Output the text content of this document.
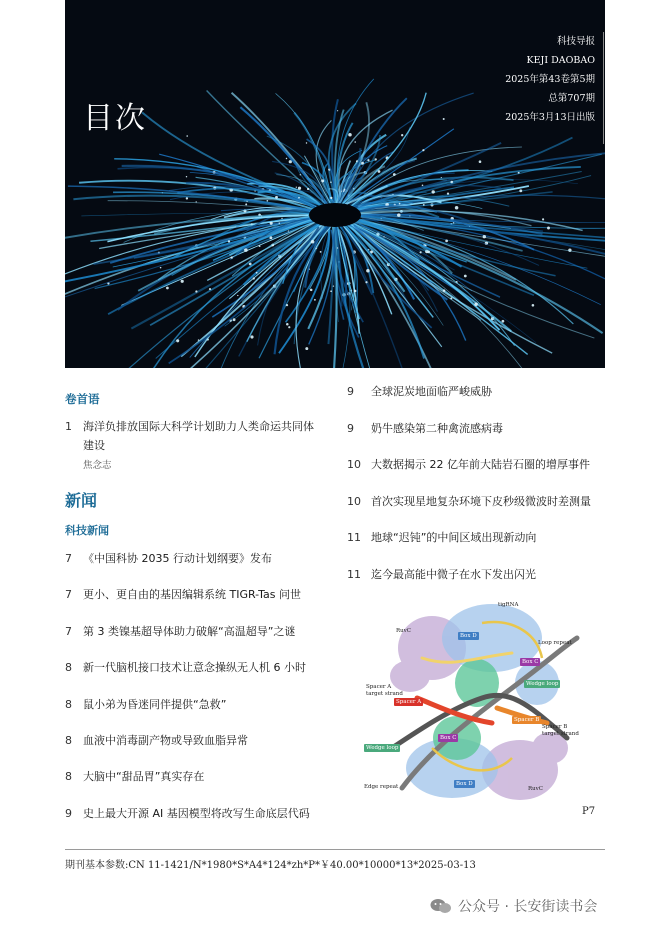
目次
科技导报
KEJI DAOBAO
2025年第43卷第5期
总第707期
2025年3月13日出版
卷首语
1 海洋负排放国际大科学计划助力人类命运共同体
建设
焦念志
新闻
科技新闻
7 《中国科协 2035 行动计划纲要》发布
7 更小、更自由的基因编辑系统 TIGR-Tas 问世
7 第 3 类镍基超导体助力破解“高温超导”之谜
8 新一代脑机接口技术让意念操纵无人机 6 小时
8 鼠小弟为昏迷同伴提供“急救”
8 血液中消毒副产物或导致血脂异常
8 大脑中“甜品胃”真实存在
9 史上最大开源 AI 基因模型将改写生命底层代码
9 全球泥炭地面临严峻威胁
9 奶牛感染第二种禽流感病毒
10 大数据揭示 22 亿年前大陆岩石圈的增厚事件
10 首次实现星地复杂环境下皮秒级微波时差测量
11 地球“迟钝”的中间区域出现新动向
11 迄今最高能中微子在水下发出闪光
tigRNA
RuvC
Box D
Loop repeat
Box C
Wedge loop
Spacer A target strand
Spacer A
Spacer B
Spacer B target strand
Box C
Wedge loop
Edge repeat	Box D
RuvC
P7
期刊基本参数:CN 11-1421/N*1980*S*A4*124*zh*P*￥40.00*10000*13*2025-03-13
公众号 · 长安街读书会
